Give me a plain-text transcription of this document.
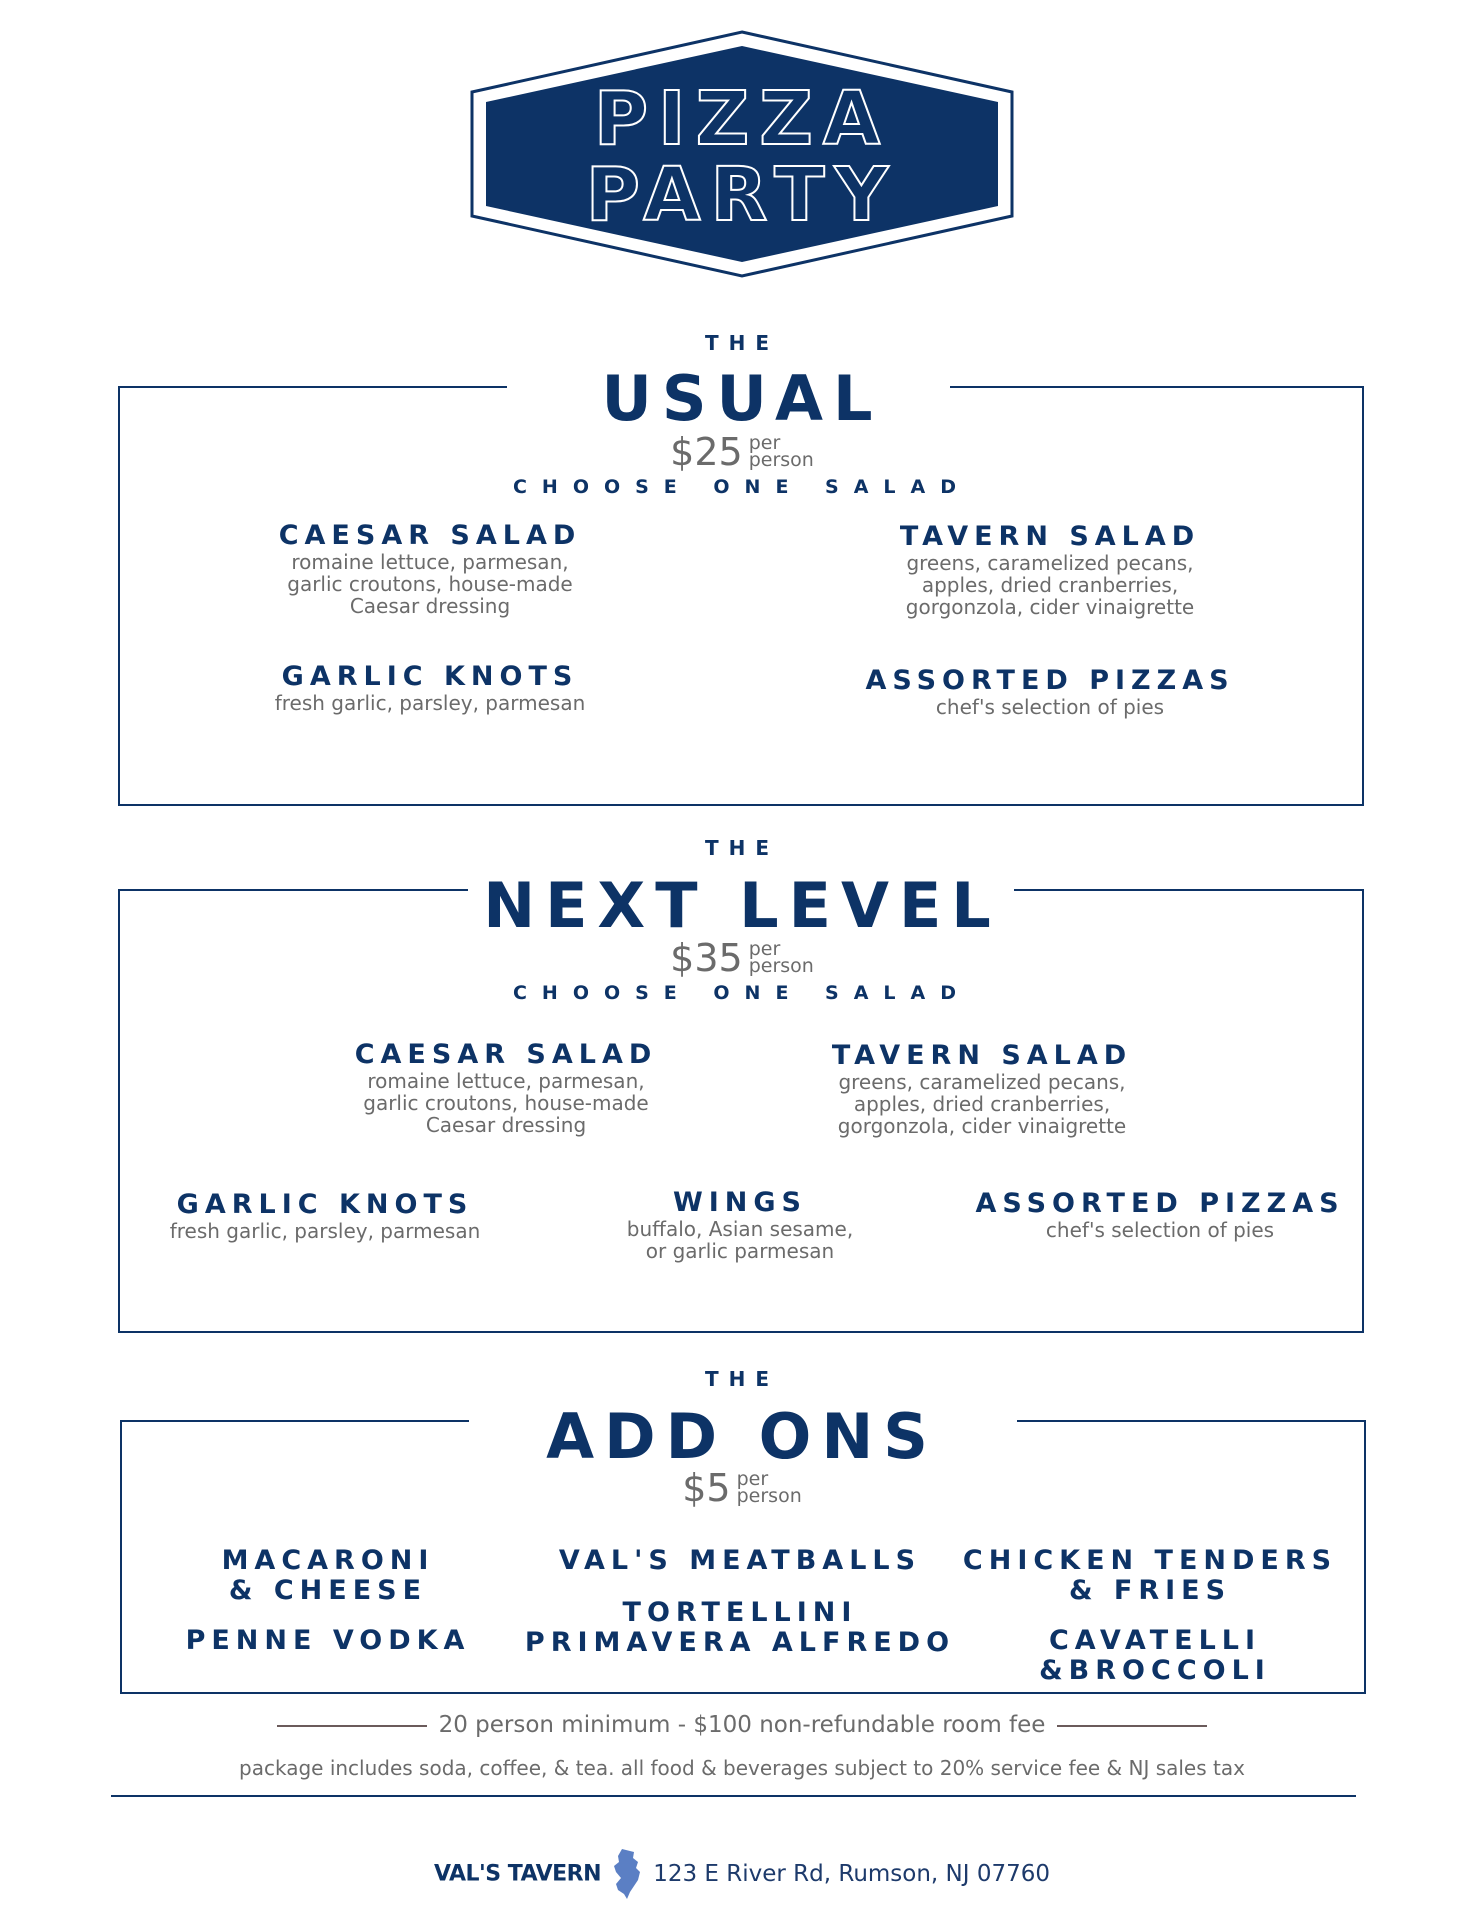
PIZZA
PARTY
THE
USUAL
$25 per
person
CHOOSE ONE SALAD
CAESAR SALAD
romaine lettuce, parmesan,
garlic croutons, house-made
Caesar dressing
TAVERN SALAD
greens, caramelized pecans,
apples, dried cranberries,
gorgonzola, cider vinaigrette
GARLIC KNOTS
fresh garlic, parsley, parmesan
ASSORTED PIZZAS
chef's selection of pies
THE
NEXT LEVEL
$35 per
person
CHOOSE ONE SALAD
CAESAR SALAD
romaine lettuce, parmesan,
garlic croutons, house-made
Caesar dressing
TAVERN SALAD
greens, caramelized pecans,
apples, dried cranberries,
gorgonzola, cider vinaigrette
GARLIC KNOTS
fresh garlic, parsley, parmesan
WINGS
buffalo, Asian sesame,
or garlic parmesan
ASSORTED PIZZAS
chef's selection of pies
THE
ADD ONS
$5 per
person
MACARONI
& CHEESE
VAL'S MEATBALLS	CHICKEN TENDERS
& FRIES
PENNE VODKA
TORTELLINI
PRIMAVERA ALFREDO	CAVATELLI &BROCCOLI
20 person minimum - $100 non-refundable room fee
package includes soda, coffee, & tea. all food & beverages subject to 20% service fee & NJ sales tax
VAL'S TAVERN 123 E River Rd, Rumson, NJ 07760
